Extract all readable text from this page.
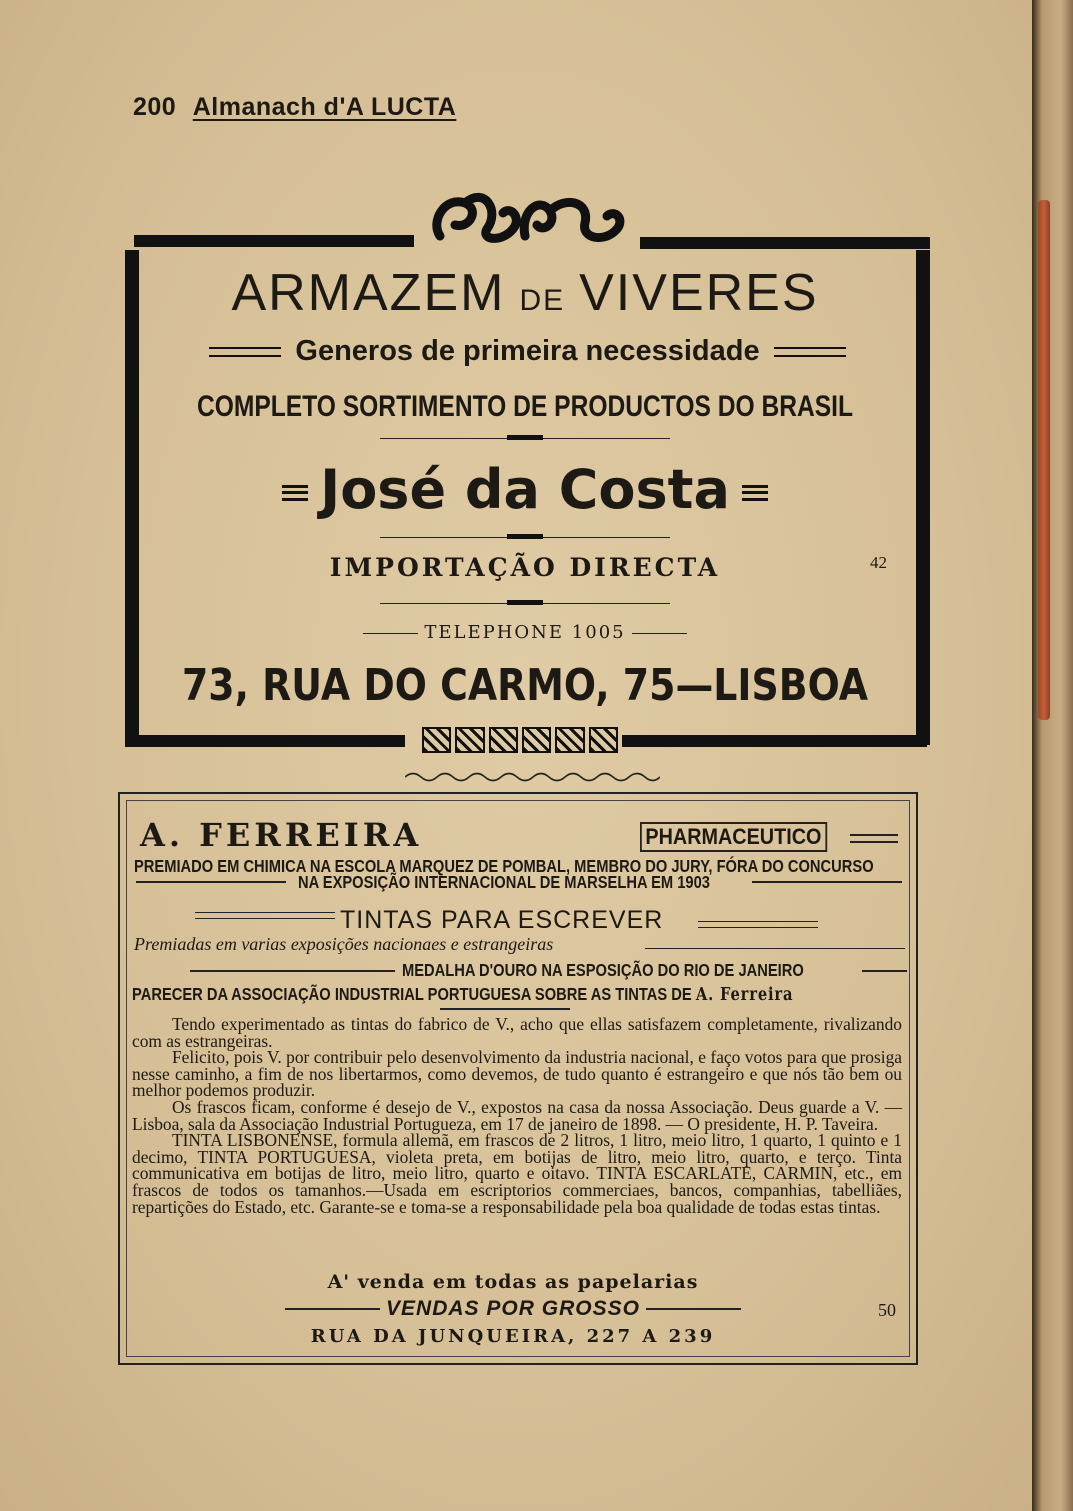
200 Almanach d'A LUCTA
ARMAZEM DE VIVERES
Generos de primeira necessidade
COMPLETO SORTIMENTO DE PRODUCTOS DO BRASIL
José da Costa
IMPORTAÇÃO DIRECTA	42
TELEPHONE 1005
73, RUA DO CARMO, 75—LISBOA
A. FERREIRA	PHARMACEUTICO
PREMIADO EM CHIMICA NA ESCOLA MARQUEZ DE POMBAL, MEMBRO DO JURY, FÓRA DO CONCURSO
NA EXPOSIÇÃO INTERNACIONAL DE MARSELHA EM 1903
TINTAS PARA ESCREVER
Premiadas em varias exposições nacionaes e estrangeiras
MEDALHA D'OURO NA ESPOSIÇÃO DO RIO DE JANEIRO
PARECER DA ASSOCIAÇÃO INDUSTRIAL PORTUGUESA SOBRE AS TINTAS DE A. Ferreira

Tendo experimentado as tintas do fabrico de V., acho que ellas satisfazem completamente, rivalizando com as estrangeiras.

Felicito, pois V. por contribuir pelo desenvolvimento da industria nacional, e faço votos para que prosiga nesse caminho, a fim de nos libertarmos, como devemos, de tudo quanto é estrangeiro e que nós tão bem ou melhor podemos produzir.

Os frascos ficam, conforme é desejo de V., expostos na casa da nossa Associação. Deus guarde a V. — Lisboa, sala da Associação Industrial Portugueza, em 17 de janeiro de 1898. — O presidente, H. P. Taveira.

TINTA LISBONENSE, formula allemã, em frascos de 2 litros, 1 litro, meio litro, 1 quarto, 1 quinto e 1 decimo, TINTA PORTUGUESA, violeta preta, em botijas de litro, meio litro, quarto, e terço. Tinta communicativa em botijas de litro, meio litro, quarto e oitavo. TINTA ESCARLATE, CARMIN, etc., em frascos de todos os tamanhos.—Usada em escriptorios commerciaes, bancos, companhias, tabelliães, repartições do Estado, etc. Garante-se e toma-se a responsabilidade pela boa qualidade de todas estas tintas.

A' venda em todas as papelarias
VENDAS POR GROSSO	50
RUA DA JUNQUEIRA, 227 A 239
